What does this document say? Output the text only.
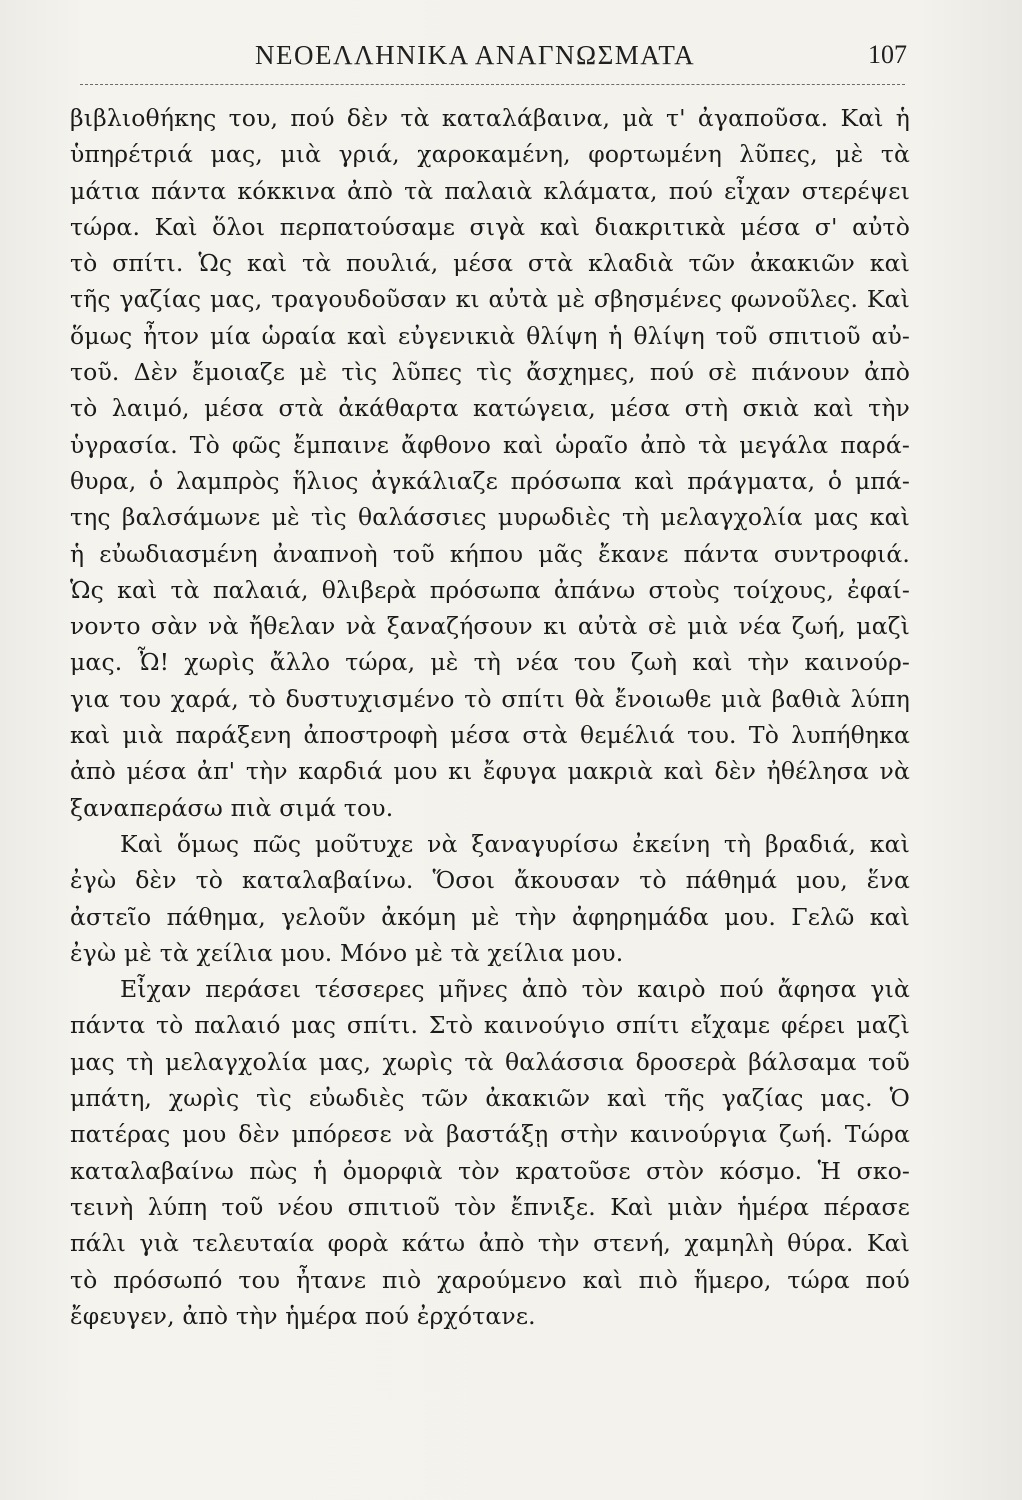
ΝΕΟΕΛΛΗΝΙΚΑ ΑΝΑΓΝΩΣΜΑΤΑ	107
βιβλιοθήκης του, πού δὲν τὰ καταλάβαινα, μὰ τ' ἀγαποῦσα. Καὶ ἡ
ὑπηρέτριά μας, μιὰ γριά, χαροκαμένη, φορτωμένη λῦπες, μὲ τὰ
μάτια πάντα κόκκινα ἀπὸ τὰ παλαιὰ κλάματα, πού εἶχαν στερέψει
τώρα. Καὶ ὅλοι περπατούσαμε σιγὰ καὶ διακριτικὰ μέσα σ' αὐτὸ
τὸ σπίτι. Ὡς καὶ τὰ πουλιά, μέσα στὰ κλαδιὰ τῶν ἀκακιῶν καὶ
τῆς γαζίας μας, τραγουδοῦσαν κι αὐτὰ μὲ σβησμένες φωνοῦλες. Καὶ
ὅμως ἦτον μία ὡραία καὶ εὐγενικιὰ θλίψη ἡ θλίψη τοῦ σπιτιοῦ αὐ-
τοῦ. Δὲν ἔμοιαζε μὲ τὶς λῦπες τὶς ἄσχημες, πού σὲ πιάνουν ἀπὸ
τὸ λαιμό, μέσα στὰ ἀκάθαρτα κατώγεια, μέσα στὴ σκιὰ καὶ τὴν
ὑγρασία. Τὸ φῶς ἔμπαινε ἄφθονο καὶ ὡραῖο ἀπὸ τὰ μεγάλα παρά-
θυρα, ὁ λαμπρὸς ἥλιος ἀγκάλιαζε πρόσωπα καὶ πράγματα, ὁ μπά-
της βαλσάμωνε μὲ τὶς θαλάσσιες μυρωδιὲς τὴ μελαγχολία μας καὶ
ἡ εὐωδιασμένη ἀναπνοὴ τοῦ κήπου μᾶς ἔκανε πάντα συντροφιά.
Ὡς καὶ τὰ παλαιά, θλιβερὰ πρόσωπα ἀπάνω στοὺς τοίχους, ἐφαί-
νοντο σὰν νὰ ἤθελαν νὰ ξαναζήσουν κι αὐτὰ σὲ μιὰ νέα ζωή, μαζὶ
μας. Ὦ! χωρὶς ἄλλο τώρα, μὲ τὴ νέα του ζωὴ καὶ τὴν καινούρ-
για του χαρά, τὸ δυστυχισμένο τὸ σπίτι θὰ ἔνοιωθε μιὰ βαθιὰ λύπη
καὶ μιὰ παράξενη ἀποστροφὴ μέσα στὰ θεμέλιά του. Τὸ λυπήθηκα
ἀπὸ μέσα ἀπ' τὴν καρδιά μου κι ἔφυγα μακριὰ καὶ δὲν ἠθέλησα νὰ
ξαναπεράσω πιὰ σιμά του.
Καὶ ὅμως πῶς μοῦτυχε νὰ ξαναγυρίσω ἐκείνη τὴ βραδιά, καὶ
ἐγὼ δὲν τὸ καταλαβαίνω. Ὅσοι ἄκουσαν τὸ πάθημά μου, ἕνα
ἀστεῖο πάθημα, γελοῦν ἀκόμη μὲ τὴν ἀφηρημάδα μου. Γελῶ καὶ
ἐγὼ μὲ τὰ χείλια μου. Μόνο μὲ τὰ χείλια μου.
Εἶχαν περάσει τέσσερες μῆνες ἀπὸ τὸν καιρὸ πού ἄφησα γιὰ
πάντα τὸ παλαιό μας σπίτι. Στὸ καινούγιο σπίτι εἴχαμε φέρει μαζὶ
μας τὴ μελαγχολία μας, χωρὶς τὰ θαλάσσια δροσερὰ βάλσαμα τοῦ
μπάτη, χωρὶς τὶς εὐωδιὲς τῶν ἀκακιῶν καὶ τῆς γαζίας μας. Ὁ
πατέρας μου δὲν μπόρεσε νὰ βαστάξῃ στὴν καινούργια ζωή. Τώρα
καταλαβαίνω πὼς ἡ ὀμορφιὰ τὸν κρατοῦσε στὸν κόσμο. Ἡ σκο-
τεινὴ λύπη τοῦ νέου σπιτιοῦ τὸν ἔπνιξε. Καὶ μιὰν ἡμέρα πέρασε
πάλι γιὰ τελευταία φορὰ κάτω ἀπὸ τὴν στενή, χαμηλὴ θύρα. Καὶ
τὸ πρόσωπό του ἦτανε πιὸ χαρούμενο καὶ πιὸ ἥμερο, τώρα πού
ἔφευγεν, ἀπὸ τὴν ἡμέρα πού ἐρχότανε.
